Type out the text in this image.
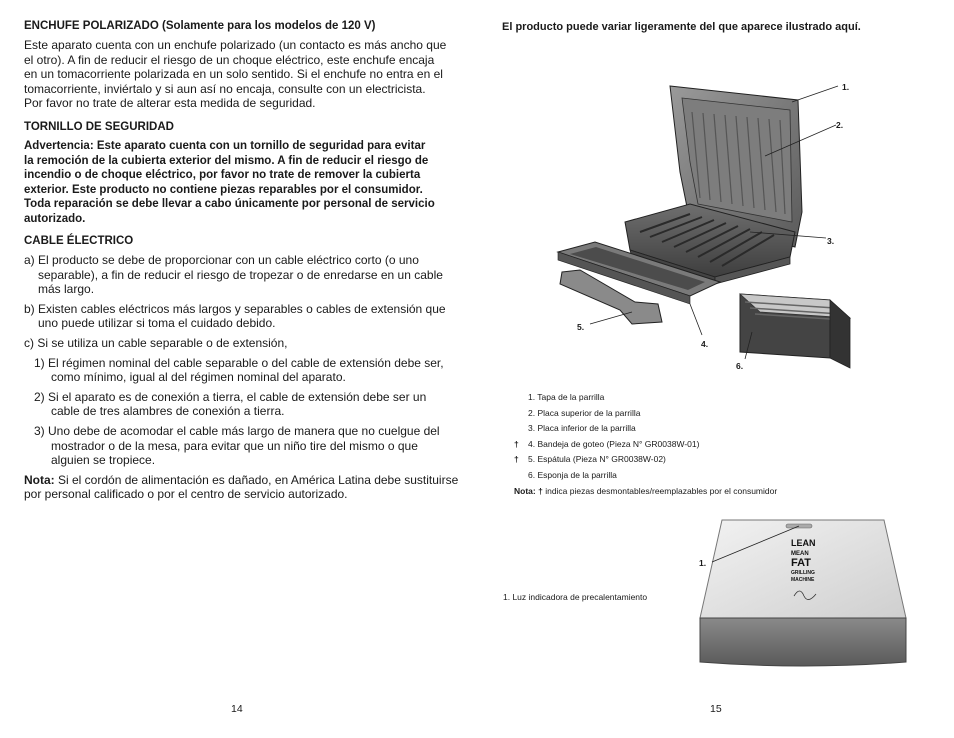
ENCHUFE POLARIZADO (Solamente para los modelos de 120 V)
Este aparato cuenta con un enchufe polarizado (un contacto es más ancho que
el otro). A fin de reducir el riesgo de un choque eléctrico, este enchufe encaja
en un tomacorriente polarizada en un solo sentido. Si el enchufe no entra en el
tomacorriente, inviértalo y si aun así no encaja, consulte con un electricista.
Por favor no trate de alterar esta medida de seguridad.
TORNILLO DE SEGURIDAD
Advertencia: Este aparato cuenta con un tornillo de seguridad para evitar
la remoción de la cubierta exterior del mismo. A fin de reducir el riesgo de
incendio o de choque eléctrico, por favor no trate de remover la cubierta
exterior. Este producto no contiene piezas reparables por el consumidor.
Toda reparación se debe llevar a cabo únicamente por personal de servicio
autorizado.
CABLE ÉLECTRICO
a) El producto se debe de proporcionar con un cable eléctrico corto (o uno
separable), a fin de reducir el riesgo de tropezar o de enredarse en un cable
más largo.
b) Existen cables eléctricos más largos y separables o cables de extensión que
uno puede utilizar si toma el cuidado debido.
c) Si se utiliza un cable separable o de extensión,
1) El régimen nominal del cable separable o del cable de extensión debe ser,
como mínimo, igual al del régimen nominal del aparato.
2) Si el aparato es de conexión a tierra, el cable de extensión debe ser un
cable de tres alambres de conexión a tierra.
3) Uno debe de acomodar el cable más largo de manera que no cuelgue del
mostrador o de la mesa, para evitar que un niño tire del mismo o que
alguien se tropiece.
Nota: Si el cordón de alimentación es dañado, en América Latina debe sustituirse
por personal calificado o por el centro de servicio autorizado.
14
El producto puede variar ligeramente del que aparece ilustrado aquí.
1.
2.
3.
4.
5.
6.
1. Tapa de la parrilla
2. Placa superior de la parrilla
3. Placa inferior de la parrilla
† 4. Bandeja de goteo (Pieza N° GR0038W-01)
† 5. Espátula (Pieza N° GR0038W-02)
6. Esponja de la parrilla
Nota: † indica piezas desmontables/reemplazables por el consumidor
LEAN
MEAN
FAT
GRILLING
MACHINE
1.
1. Luz indicadora de precalentamiento
15
